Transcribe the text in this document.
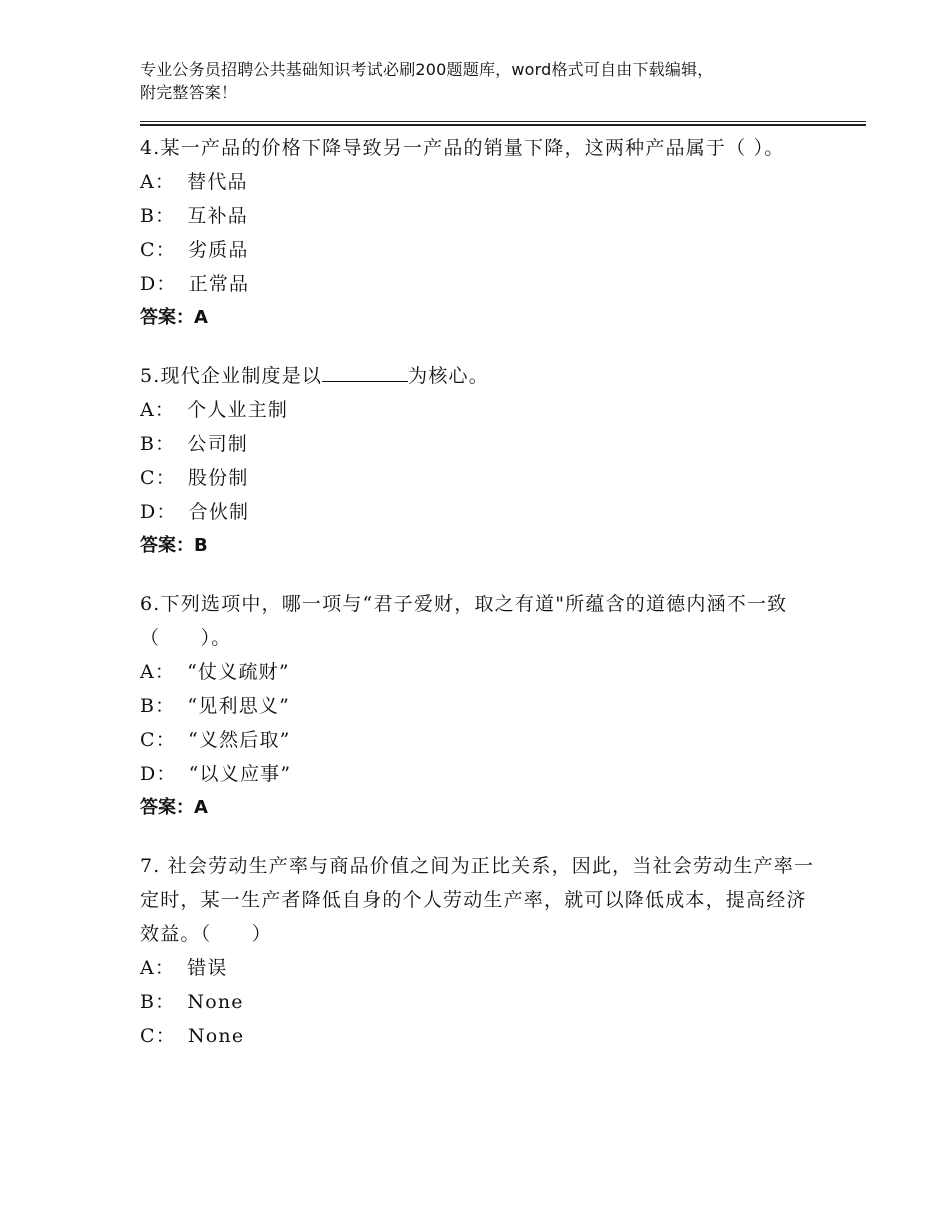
专业公务员招聘公共基础知识考试必刷200题题库，word格式可自由下载编辑，
附完整答案！

4.某一产品的价格下降导致另一产品的销量下降，这两种产品属于（ ）。

A： 替代品

B： 互补品

C： 劣质品

D： 正常品

答案：A

5.现代企业制度是以	为核心。

A： 个人业主制

B： 公司制

C： 股份制

D： 合伙制

答案：B

6.下列选项中，哪一项与“君子爱财，取之有道"所蕴含的道德内涵不一致（　　）。

A： “仗义疏财”

B： “见利思义”

C： “义然后取”

D： “以义应事”

答案：A

7. 社会劳动生产率与商品价值之间为正比关系，因此，当社会劳动生产率一定时，某一生产者降低自身的个人劳动生产率，就可以降低成本，提高经济效益。（　　）

A： 错误

B： None

C： None
